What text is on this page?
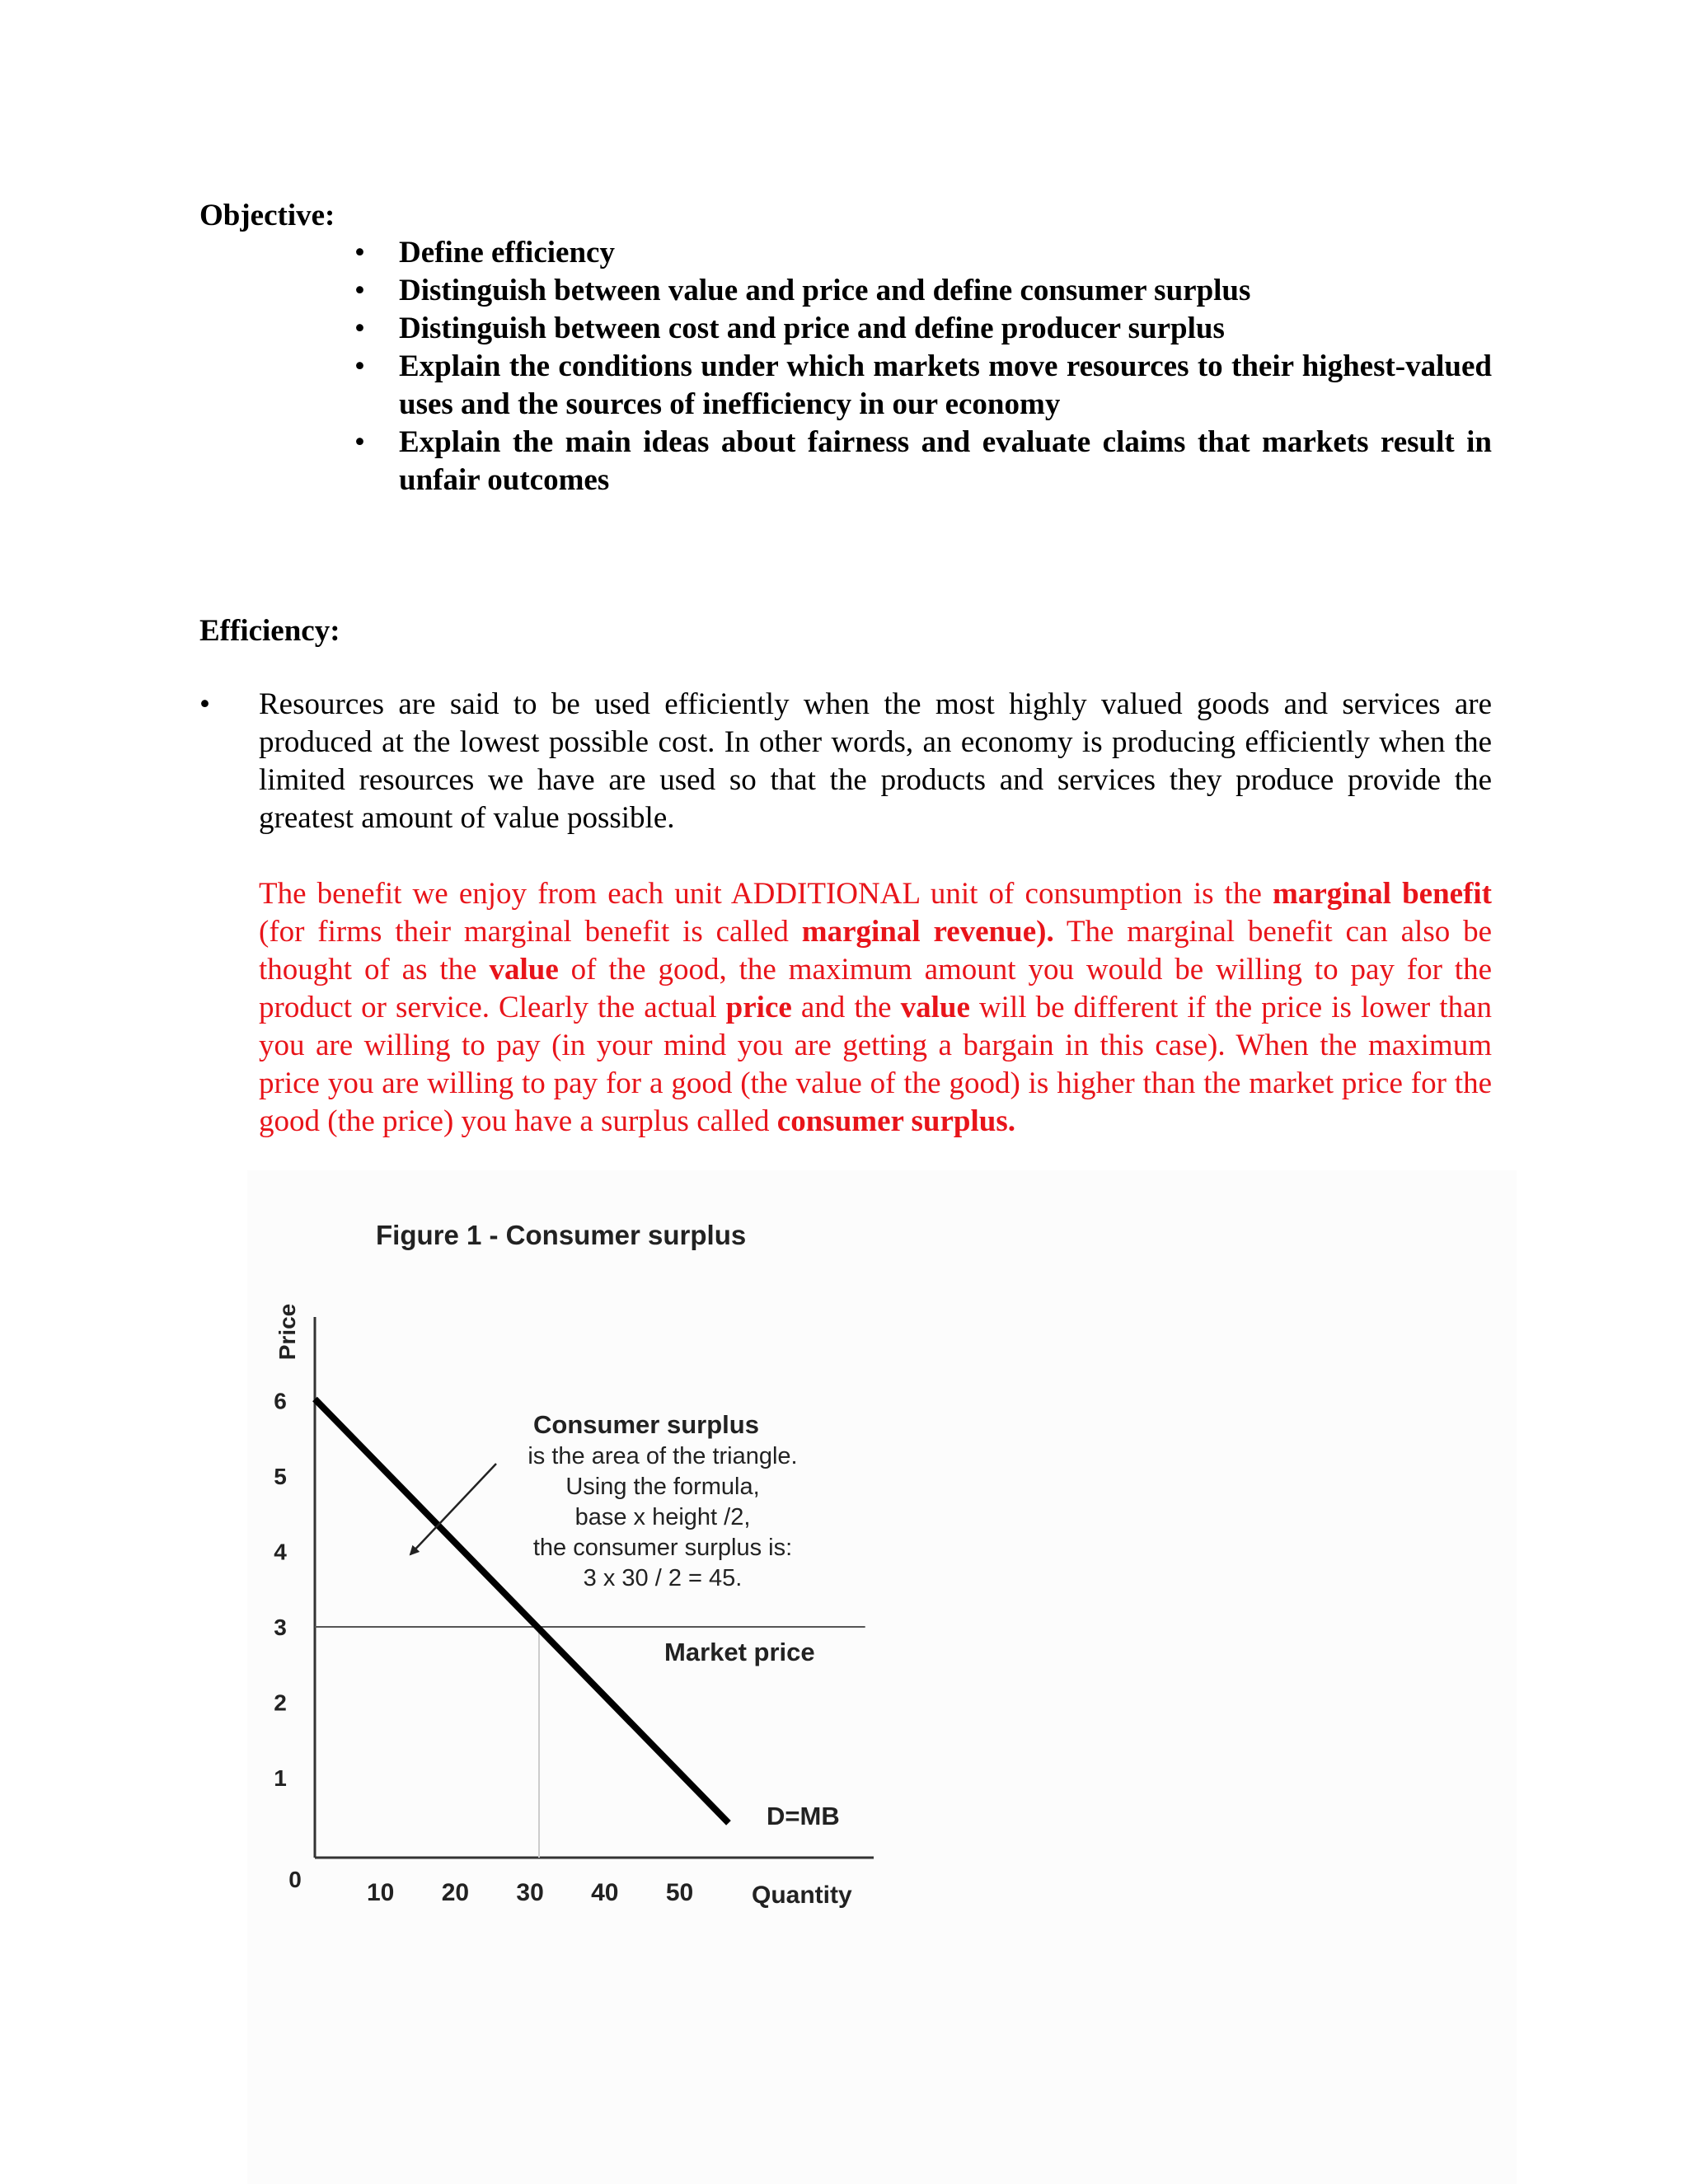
Objective:
• Define efficiency
• Distinguish between value and price and define consumer surplus
• Distinguish between cost and price and define producer surplus
• Explain the conditions under which markets move resources to their highest-valued uses and the sources of inefficiency in our economy
• Explain the main ideas about fairness and evaluate claims that markets result in unfair outcomes
Efficiency:
• Resources are said to be used efficiently when the most highly valued goods and services are produced at the lowest possible cost. In other words, an economy is producing efficiently when the limited resources we have are used so that the products and services they produce provide the greatest amount of value possible.

The benefit we enjoy from each unit ADDITIONAL unit of consumption is the marginal benefit (for firms their marginal benefit is called marginal revenue). The marginal benefit can also be thought of as the value of the good, the maximum amount you would be willing to pay for the product or service. Clearly the actual price and the value will be different if the price is lower than you are willing to pay (in your mind you are getting a bargain in this case). When the maximum price you are willing to pay for a good (the value of the good) is higher than the market price for the good (the price) you have a surplus called consumer surplus.

Figure 1 - Consumer surplus
Price
Quantity
0
1
2
3
4
5
6
10 20 30 40 50
Consumer surplus
is the area of the triangle.
Using the formula,
base x height /2,
the consumer surplus is:
3 x 30 / 2 = 45.
Market price
D=MB
